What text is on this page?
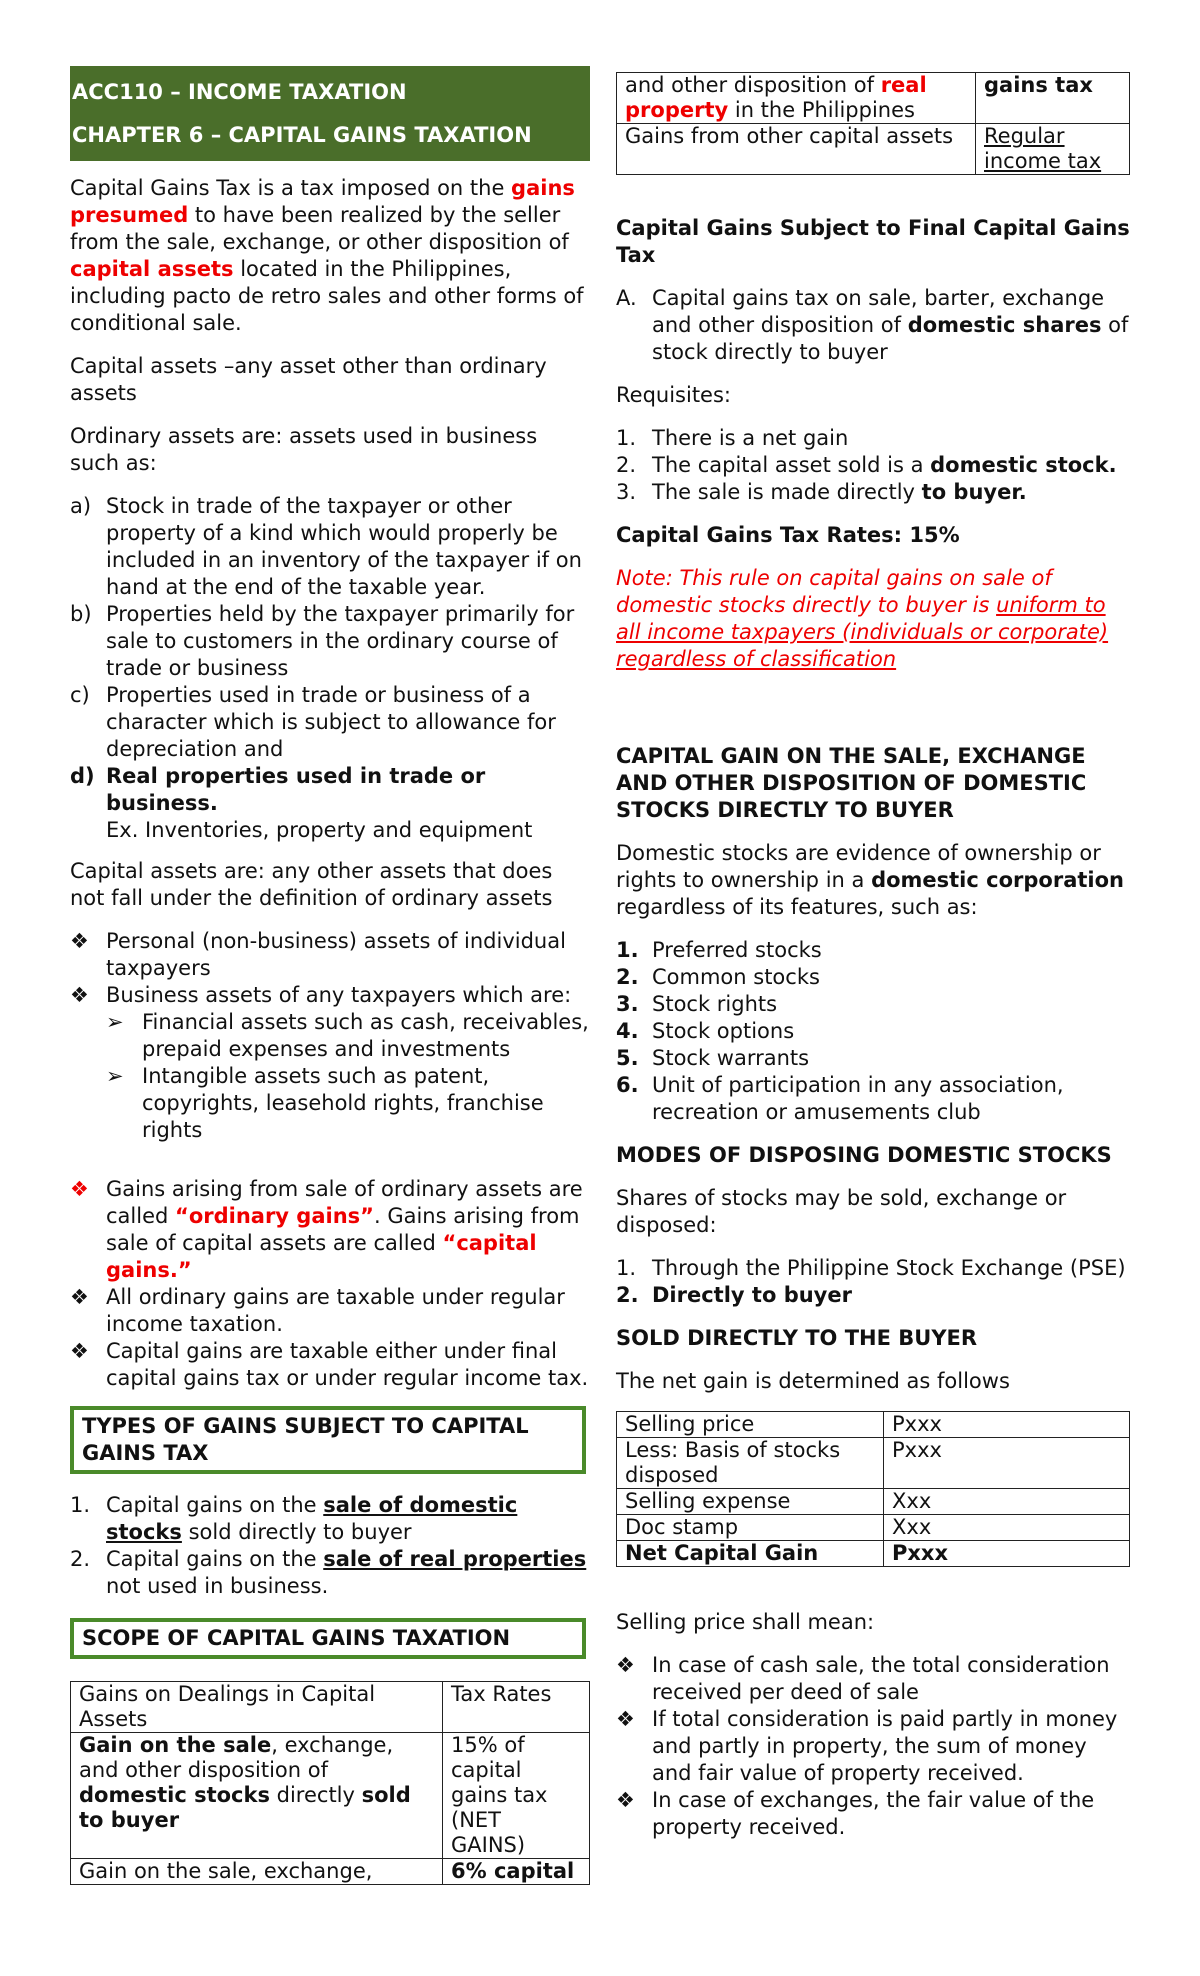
ACC110 – INCOME TAXATION
CHAPTER 6 – CAPITAL GAINS TAXATION

Capital Gains Tax is a tax imposed on the gains presumed to have been realized by the seller from the sale, exchange, or other disposition of capital assets located in the Philippines, including pacto de retro sales and other forms of conditional sale.

Capital assets –any asset other than ordinary assets

Ordinary assets are: assets used in business such as:

a) Stock in trade of the taxpayer or other property of a kind which would properly be included in an inventory of the taxpayer if on hand at the end of the taxable year.
b) Properties held by the taxpayer primarily for sale to customers in the ordinary course of trade or business
c) Properties used in trade or business of a character which is subject to allowance for depreciation and
d) Real properties used in trade or business.
Ex. Inventories, property and equipment

Capital assets are: any other assets that does not fall under the definition of ordinary assets

❖ Personal (non-business) assets of individual taxpayers
❖ Business assets of any taxpayers which are:
➢ Financial assets such as cash, receivables, prepaid expenses and investments
➢ Intangible assets such as patent, copyrights, leasehold rights, franchise rights
❖ Gains arising from sale of ordinary assets are called “ordinary gains”. Gains arising from sale of capital assets are called “capital gains.”
❖ All ordinary gains are taxable under regular income taxation.
❖ Capital gains are taxable either under final capital gains tax or under regular income tax.
TYPES OF GAINS SUBJECT TO CAPITAL GAINS TAX
1. Capital gains on the sale of domestic stocks sold directly to buyer
2. Capital gains on the sale of real properties not used in business.
SCOPE OF CAPITAL GAINS TAXATION
Gains on Dealings in Capital Assets	Tax Rates
Gain on the sale, exchange, and other disposition of domestic stocks directly sold to buyer	15% of capital gains tax (NET GAINS)
Gain on the sale, exchange,	6% capital
and other disposition of real property in the Philippines	gains tax
Gains from other capital assets	Regular income tax
Capital Gains Subject to Final Capital Gains Tax
A. Capital gains tax on sale, barter, exchange and other disposition of domestic shares of stock directly to buyer

Requisites:

1. There is a net gain
2. The capital asset sold is a domestic stock.
3. The sale is made directly to buyer.
Capital Gains Tax Rates: 15%

Note: This rule on capital gains on sale of domestic stocks directly to buyer is uniform to all income taxpayers (individuals or corporate) regardless of classification

CAPITAL GAIN ON THE SALE, EXCHANGE AND OTHER DISPOSITION OF DOMESTIC STOCKS DIRECTLY TO BUYER

Domestic stocks are evidence of ownership or rights to ownership in a domestic corporation regardless of its features, such as:

1. Preferred stocks
2. Common stocks
3. Stock rights
4. Stock options
5. Stock warrants
6. Unit of participation in any association, recreation or amusements club
MODES OF DISPOSING DOMESTIC STOCKS

Shares of stocks may be sold, exchange or disposed:

1. Through the Philippine Stock Exchange (PSE)
2. Directly to buyer
SOLD DIRECTLY TO THE BUYER

The net gain is determined as follows

Selling price	Pxxx
Less: Basis of stocks disposed	Pxxx
Selling expense	Xxx
Doc stamp	Xxx
Net Capital Gain	Pxxx

Selling price shall mean:

❖ In case of cash sale, the total consideration received per deed of sale
❖ If total consideration is paid partly in money and partly in property, the sum of money and fair value of property received.
❖ In case of exchanges, the fair value of the property received.
